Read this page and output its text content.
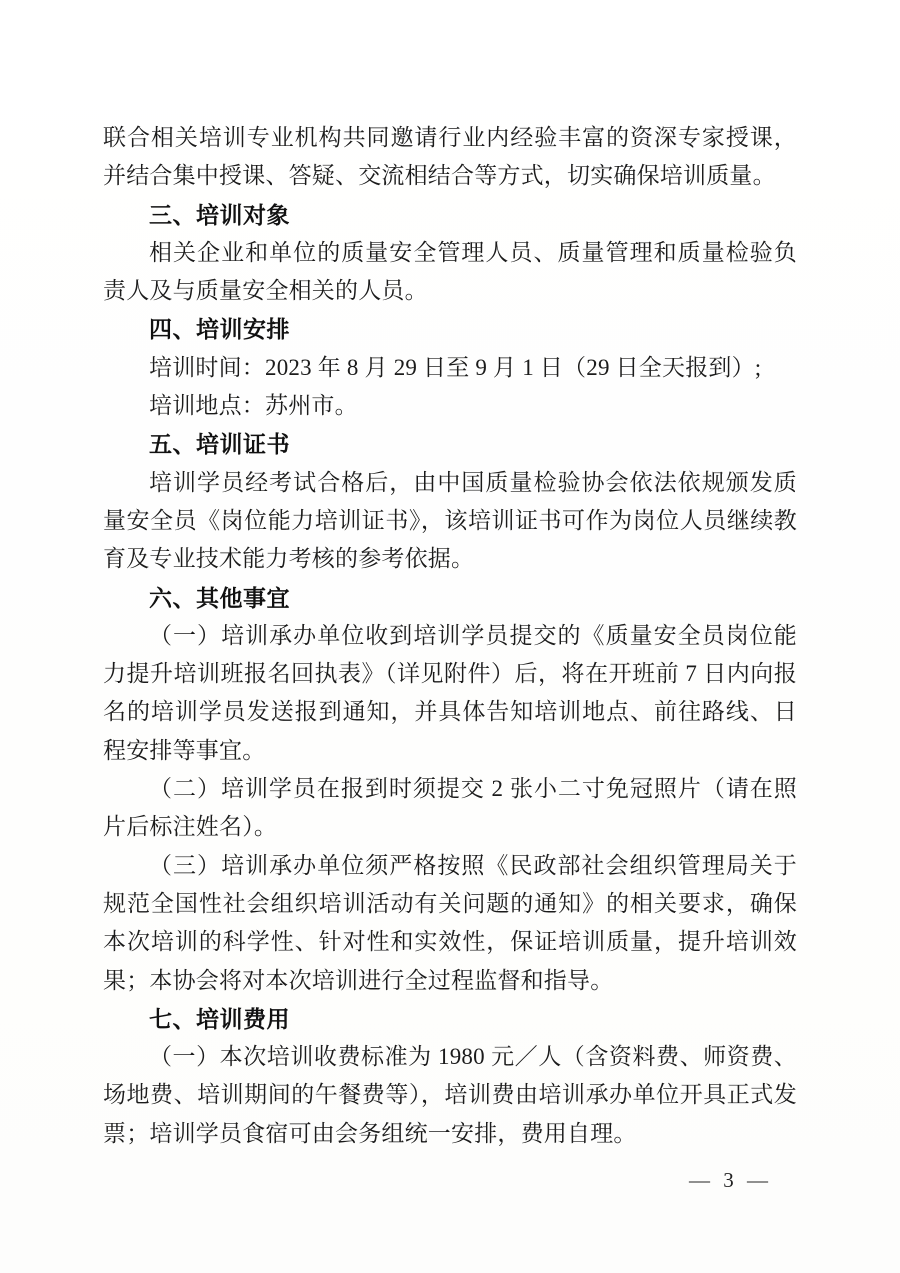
联合相关培训专业机构共同邀请行业内经验丰富的资深专家授课，并结合集中授课、答疑、交流相结合等方式，切实确保培训质量。

三、培训对象

相关企业和单位的质量安全管理人员、质量管理和质量检验负责人及与质量安全相关的人员。

四、培训安排

培训时间：2023 年 8 月 29 日至 9 月 1 日（29 日全天报到）;

培训地点：苏州市。

五、培训证书

培训学员经考试合格后，由中国质量检验协会依法依规颁发质量安全员《岗位能力培训证书》，该培训证书可作为岗位人员继续教育及专业技术能力考核的参考依据。

六、其他事宜

（一）培训承办单位收到培训学员提交的《质量安全员岗位能力提升培训班报名回执表》（详见附件）后，将在开班前 7 日内向报名的培训学员发送报到通知，并具体告知培训地点、前往路线、日程安排等事宜。

（二）培训学员在报到时须提交 2 张小二寸免冠照片（请在照片后标注姓名）。

（三）培训承办单位须严格按照《民政部社会组织管理局关于规范全国性社会组织培训活动有关问题的通知》的相关要求，确保本次培训的科学性、针对性和实效性，保证培训质量，提升培训效果；本协会将对本次培训进行全过程监督和指导。

七、培训费用

（一）本次培训收费标准为 1980 元／人（含资料费、师资费、场地费、培训期间的午餐费等），培训费由培训承办单位开具正式发票；培训学员食宿可由会务组统一安排，费用自理。

— 3 —
